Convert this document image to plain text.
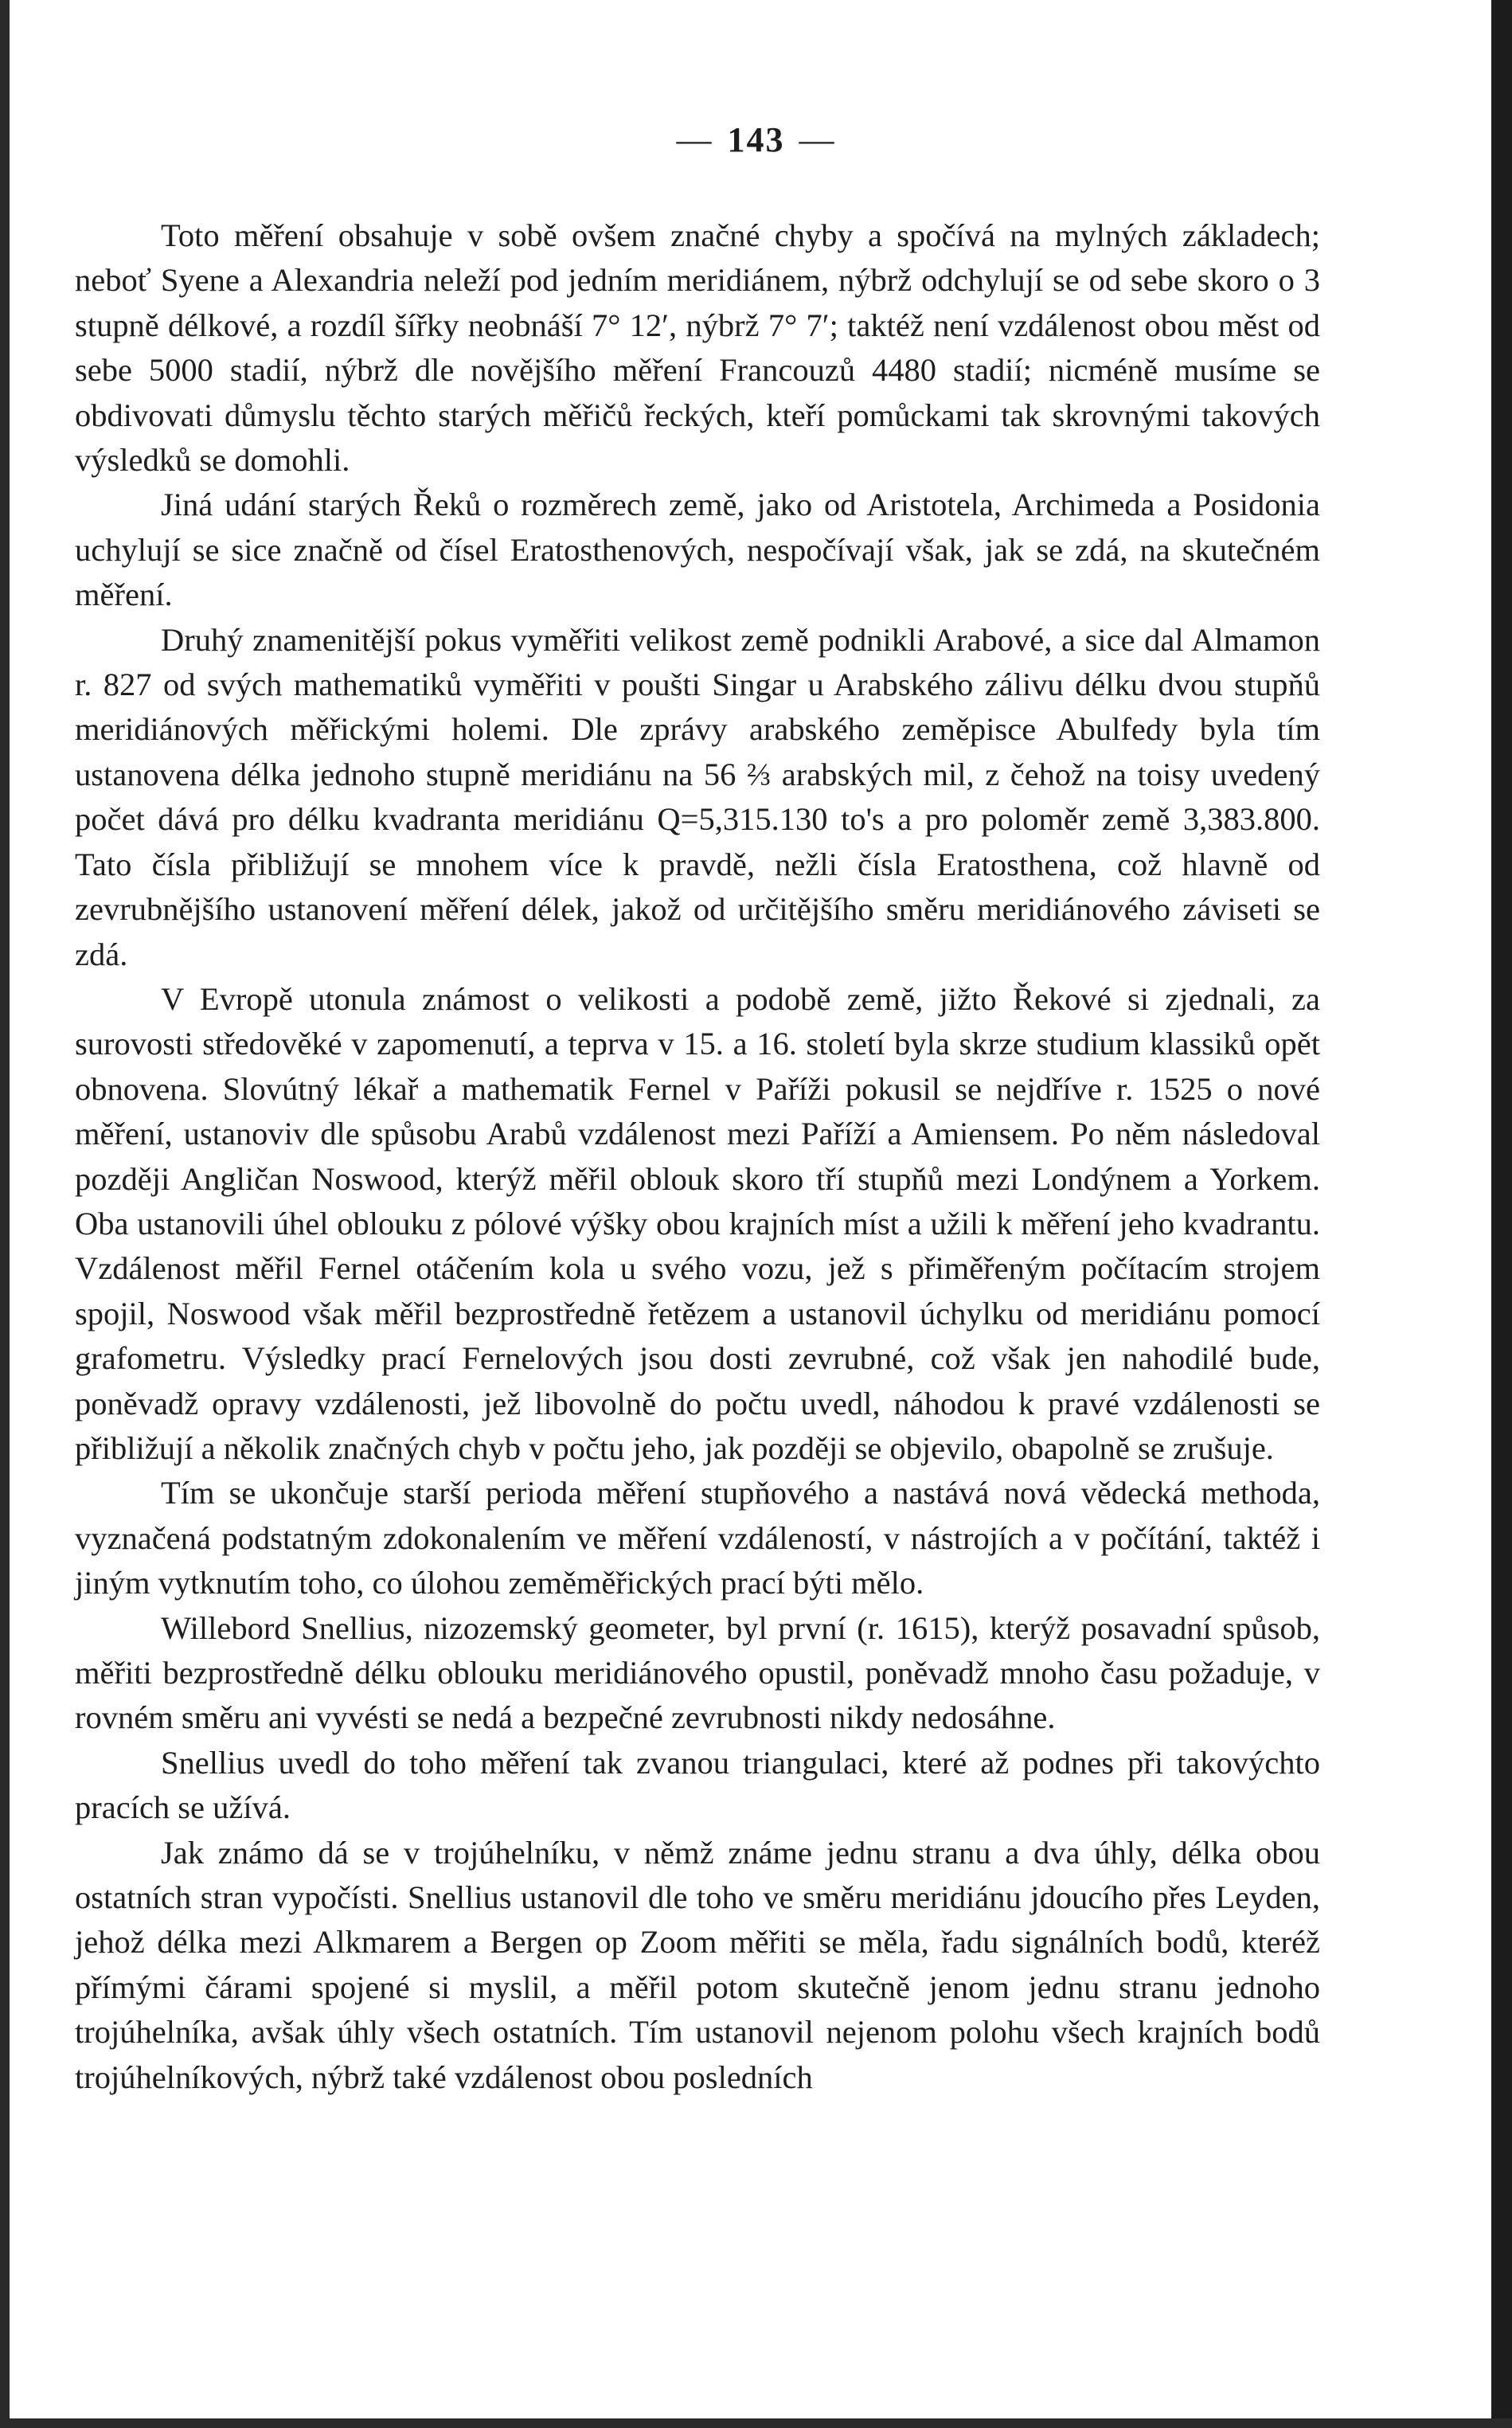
— 143 —

Toto měření obsahuje v sobě ovšem značné chyby a spočívá na mylných základech; neboť Syene a Alexandria neleží pod jedním meridiánem, nýbrž odchylují se od sebe skoro o 3 stupně délkové, a rozdíl šířky neobnáší 7° 12′, nýbrž 7° 7′; taktéž není vzdálenost obou měst od sebe 5000 stadií, nýbrž dle novějšího měření Francouzů 4480 stadií; nicméně musíme se obdivovati důmyslu těchto starých měřičů řeckých, kteří pomůckami tak skrovnými takových výsledků se domohli.

Jiná udání starých Řeků o rozměrech země, jako od Aristotela, Archimeda a Posidonia uchylují se sice značně od čísel Eratosthenových, nespočívají však, jak se zdá, na skutečném měření.

Druhý znamenitější pokus vyměřiti velikost země podnikli Arabové, a sice dal Almamon r. 827 od svých mathematiků vyměřiti v poušti Singar u Arabského zálivu délku dvou stupňů meridiánových měřickými holemi. Dle zprávy arabského zeměpisce Abulfedy byla tím ustanovena délka jednoho stupně meridiánu na 56 ⅔ arabských mil, z čehož na toisy uvedený počet dává pro délku kvadranta meridiánu Q=5,315.130 to's a pro poloměr země 3,383.800. Tato čísla přibližují se mnohem více k pravdě, nežli čísla Eratosthena, což hlavně od zevrubnějšího ustanovení měření délek, jakož od určitějšího směru meridiánového záviseti se zdá.

V Evropě utonula známost o velikosti a podobě země, jižto Řekové si zjednali, za surovosti středověké v zapomenutí, a teprva v 15. a 16. století byla skrze studium klassiků opět obnovena. Slovútný lékař a mathematik Fernel v Paříži pokusil se nejdříve r. 1525 o nové měření, ustanoviv dle spůsobu Arabů vzdálenost mezi Paříží a Amiensem. Po něm následoval později Angličan Noswood, kterýž měřil oblouk skoro tří stupňů mezi Londýnem a Yorkem. Oba ustanovili úhel oblouku z pólové výšky obou krajních míst a užili k měření jeho kvadrantu. Vzdálenost měřil Fernel otáčením kola u svého vozu, jež s přiměřeným počítacím strojem spojil, Noswood však měřil bezprostředně řetězem a ustanovil úchylku od meridiánu pomocí grafometru. Výsledky prací Fernelových jsou dosti zevrubné, což však jen nahodilé bude, poněvadž opravy vzdálenosti, jež libovolně do počtu uvedl, náhodou k pravé vzdálenosti se přibližují a několik značných chyb v počtu jeho, jak později se objevilo, obapolně se zrušuje.

Tím se ukončuje starší perioda měření stupňového a nastává nová vědecká methoda, vyznačená podstatným zdokonalením ve měření vzdáleností, v nástrojích a v počítání, taktéž i jiným vytknutím toho, co úlohou zeměměřických prací býti mělo.

Willebord Snellius, nizozemský geometer, byl první (r. 1615), kterýž posavadní spůsob, měřiti bezprostředně délku oblouku meridiánového opustil, poněvadž mnoho času požaduje, v rovném směru ani vyvésti se nedá a bezpečné zevrubnosti nikdy nedosáhne.

Snellius uvedl do toho měření tak zvanou triangulaci, které až podnes při takovýchto pracích se užívá.

Jak známo dá se v trojúhelníku, v němž známe jednu stranu a dva úhly, délka obou ostatních stran vypočísti. Snellius ustanovil dle toho ve směru meridiánu jdoucího přes Leyden, jehož délka mezi Alkmarem a Bergen op Zoom měřiti se měla, řadu signálních bodů, kteréž přímými čárami spojené si myslil, a měřil potom skutečně jenom jednu stranu jednoho trojúhelníka, avšak úhly všech ostatních. Tím ustanovil nejenom polohu všech krajních bodů trojúhelníkových, nýbrž také vzdálenost obou posledních
